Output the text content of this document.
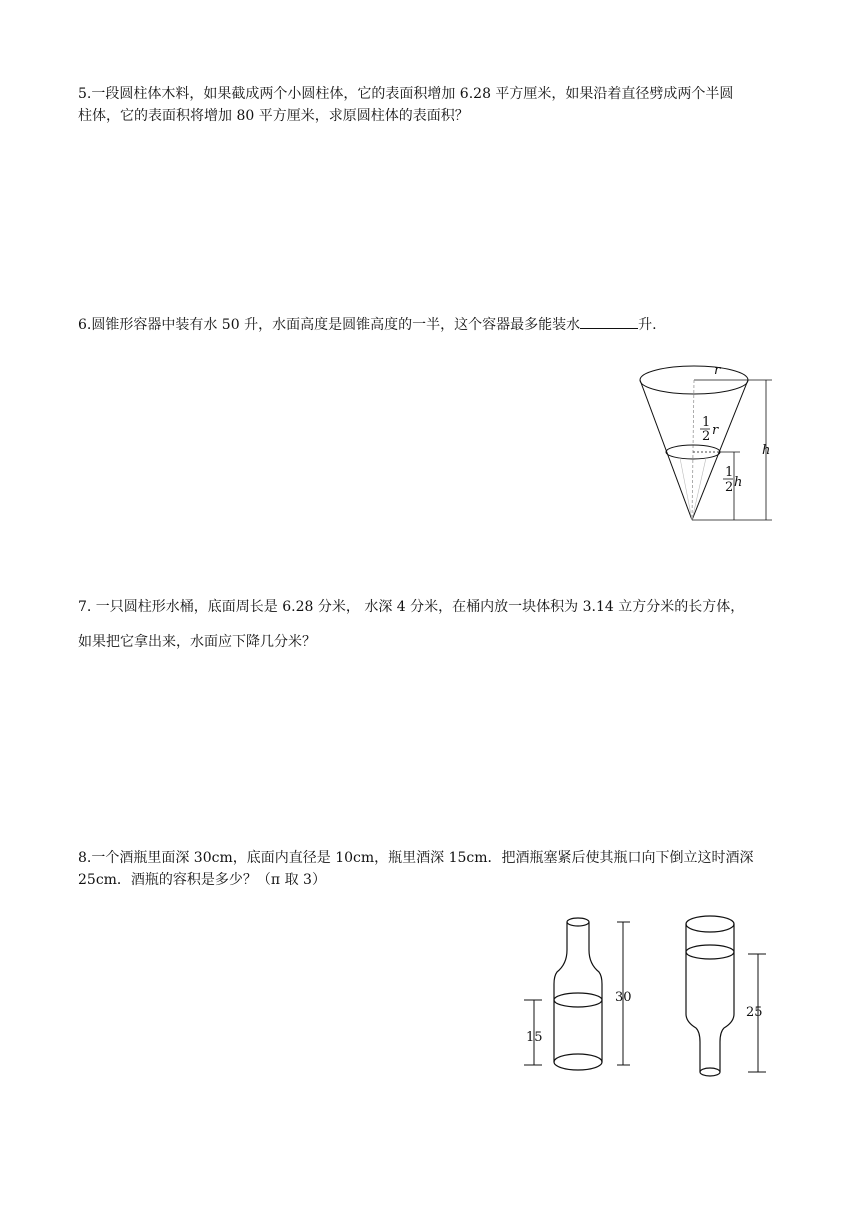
5.一段圆柱体木料，如果截成两个小圆柱体，它的表面积增加 6.28 平方厘米，如果沿着直径劈成两个半圆
柱体，它的表面积将增加 80 平方厘米，求原圆柱体的表面积？
6.圆锥形容器中装有水 50 升，水面高度是圆锥高度的一半，这个容器最多能装水	升.
r
h
1
2 r
1
2 h
7. 一只圆柱形水桶，底面周长是 6.28 分米， 水深 4 分米，在桶内放一块体积为 3.14 立方分米的长方体，
如果把它拿出来，水面应下降几分米？
8.一个酒瓶里面深 30cm，底面内直径是 10cm，瓶里酒深 15cm．把酒瓶塞紧后使其瓶口向下倒立这时酒深
25cm．酒瓶的容积是多少？（π 取 3）
30
15
25
